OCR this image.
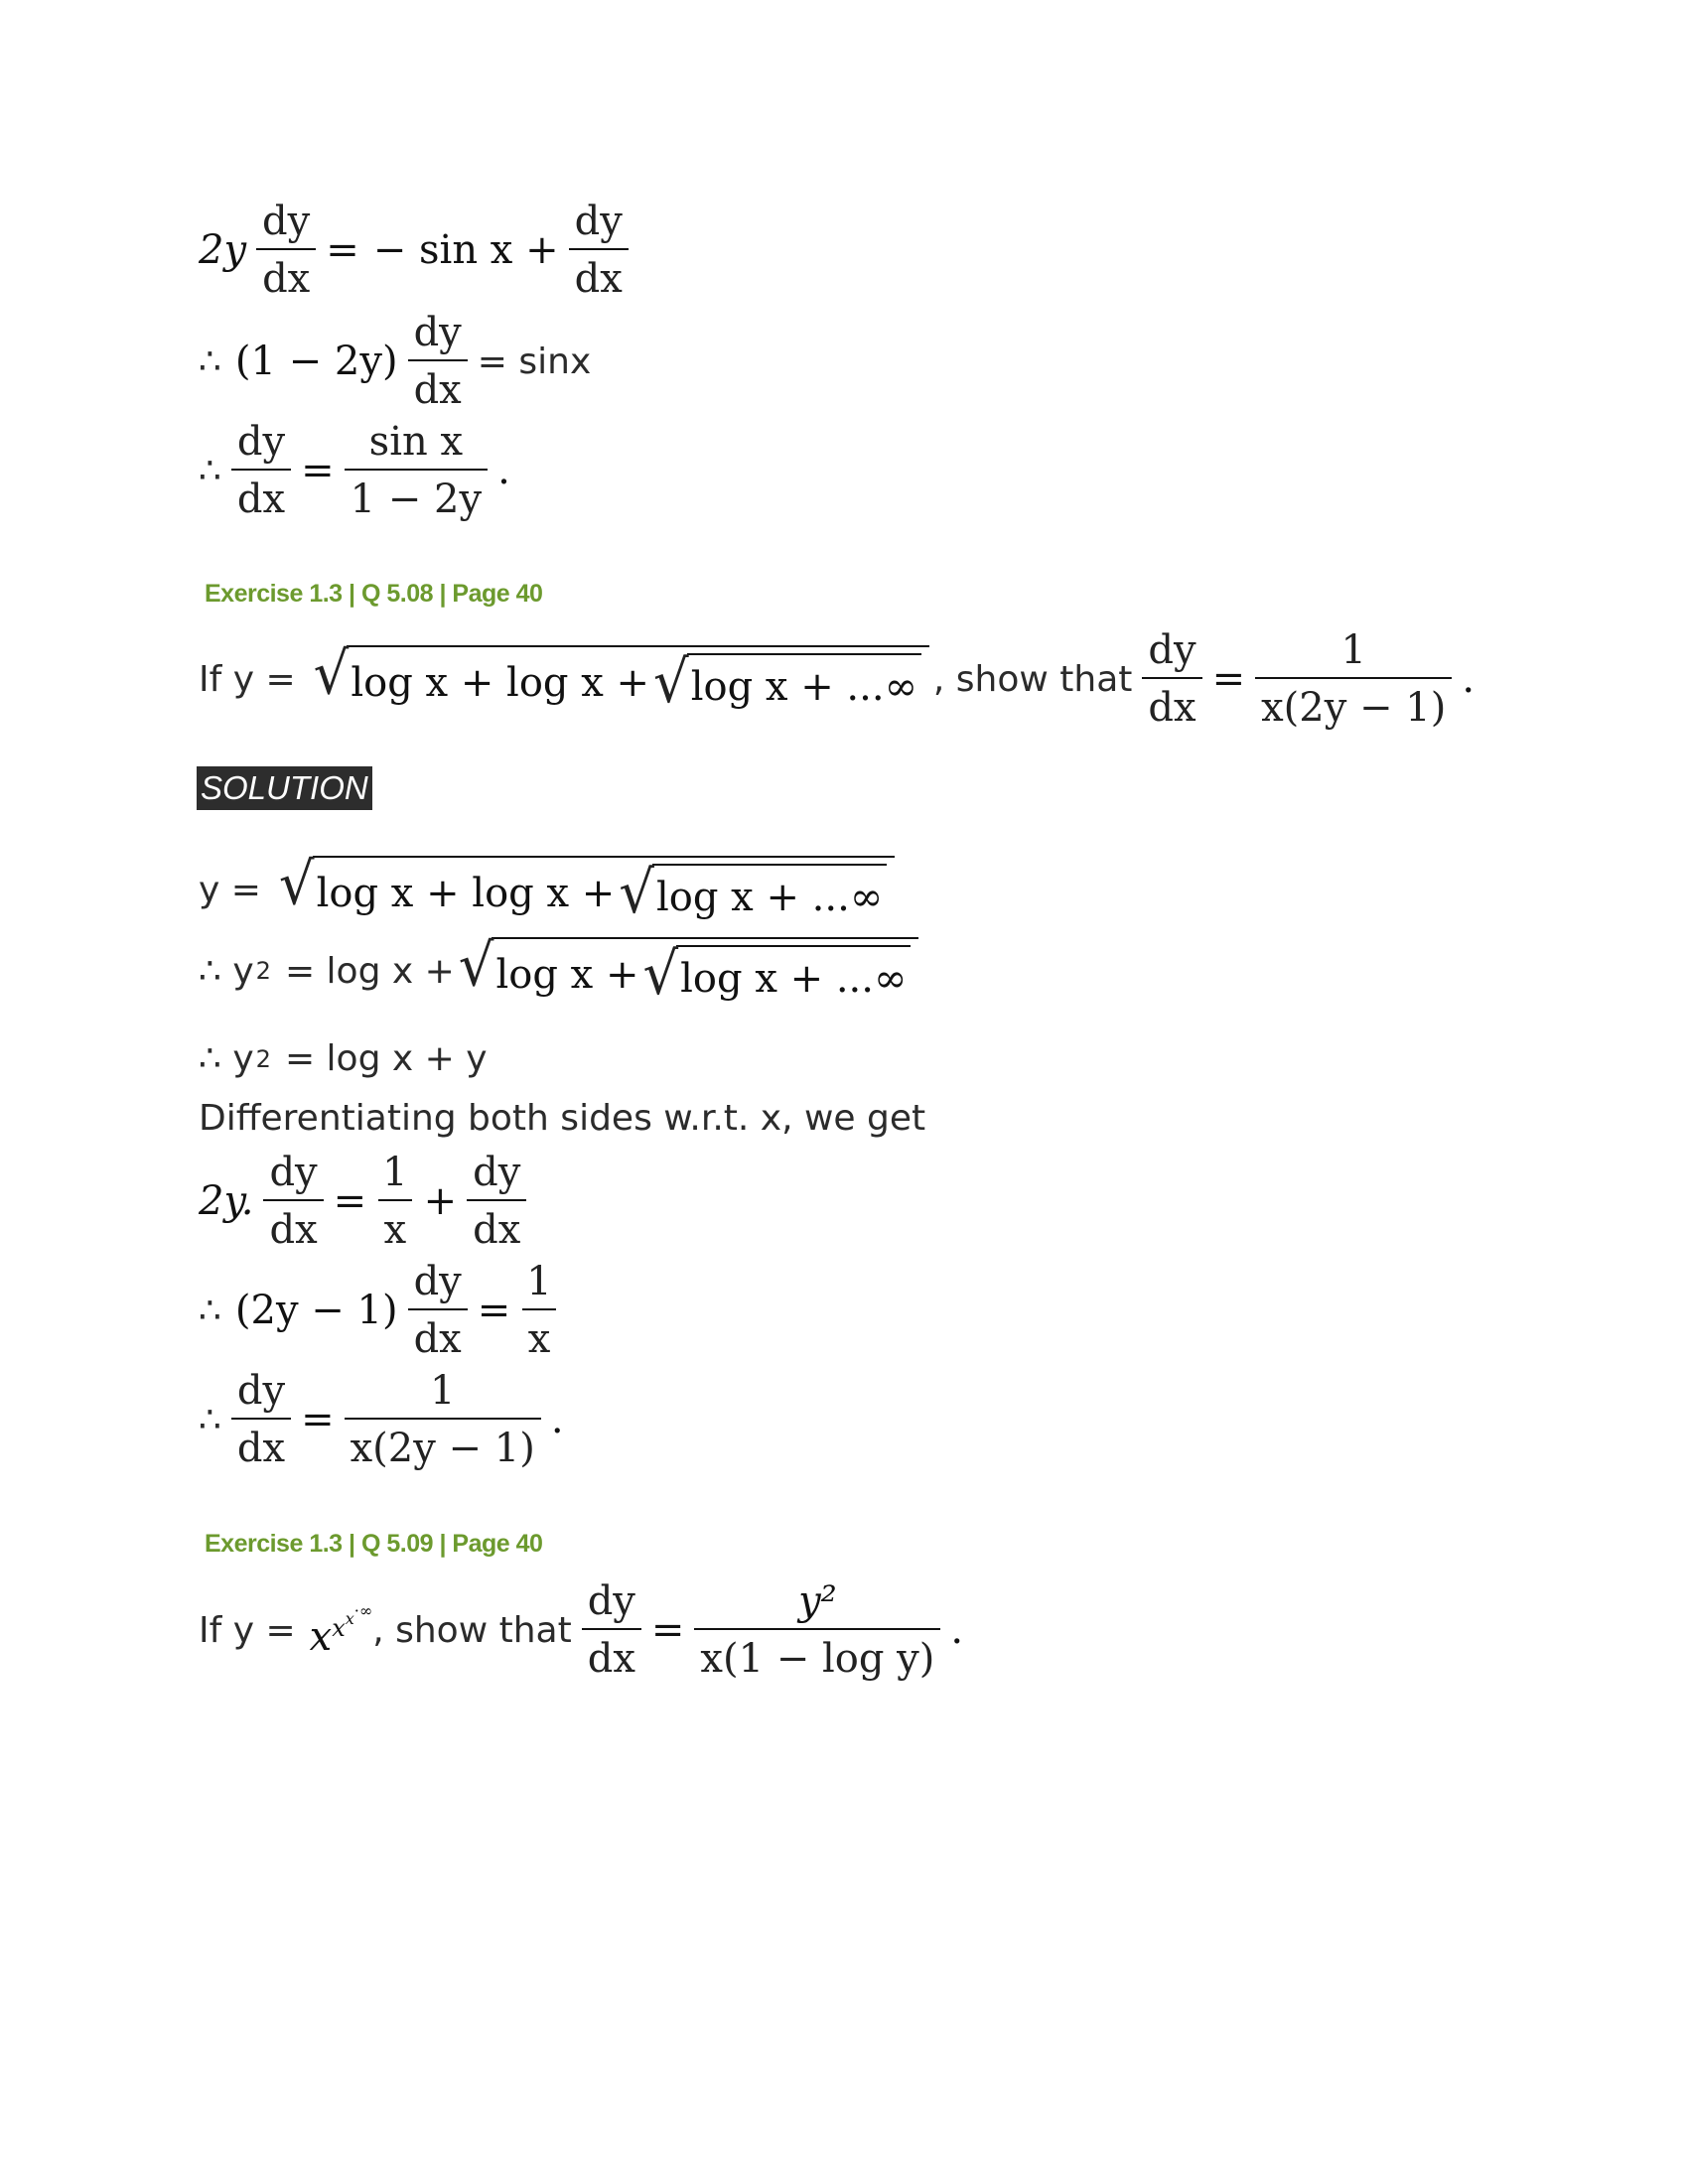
$2y \frac{dy}{dx}$ = − $\sin x + \frac{dy}{dx}$
∴ $(1 - 2y) \frac{dy}{dx} = \sin x$
∴ $\frac{dy}{dx} = \frac{\text{sin x}}{1 - 2y}$ .
Exercise 1.3 | Q 5.08 | Page 40
If y = √ log x + log x + √ log x + ...∞ , show that $\frac{dy}{dx} = \frac{1}{x(2y - 1)}$ .
SOLUTION
y = √ log x + log x + √ log x + ...∞
∴ y 2 = log x + √ log x + √ log x + ...∞
∴ y 2 = log x + y
Differentiating both sides w.r.t. x, we get
2y. $\frac{dy}{dx} = \frac{1}{x} + \frac{dy}{dx}$
∴ $(2y - 1) \frac{dy}{dx} = \frac{1}{x}$
∴ $\frac{dy}{dx} = \frac{1}{x(2y - 1)}$ .
Exercise 1.3 | Q 5.09 | Page 40
If $y = x^{xx\cdot\infty}$ , show that $\frac{dy}{dx} = \frac{\text{y²}}{\text{x(1 − log y)}}$ .
